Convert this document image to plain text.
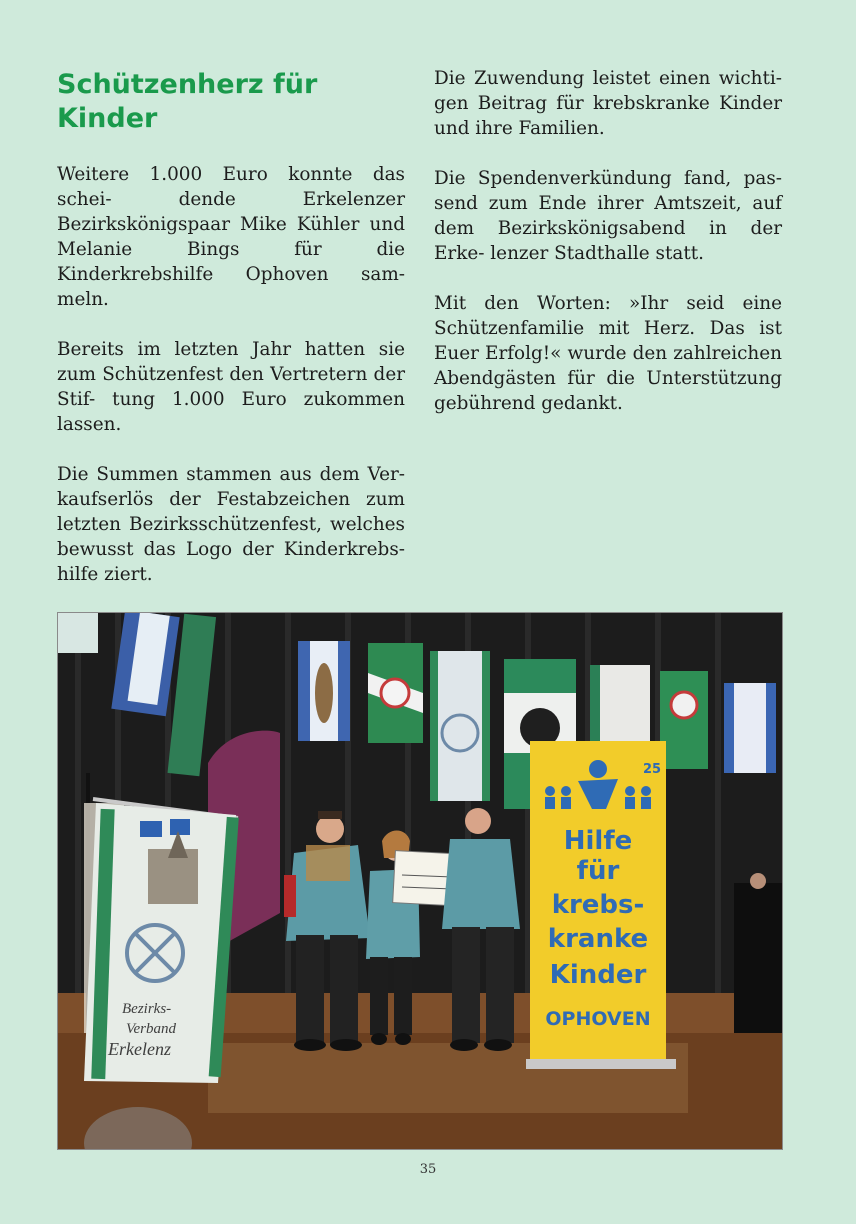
Schützenherz für Kinder

Weitere 1.000 Euro konnte das schei- dende Erkelenzer Bezirkskönigspaar Mike Kühler und Melanie Bings für die Kinderkrebshilfe Ophoven sam- meln.

Bereits im letzten Jahr hatten sie zum Schützenfest den Vertretern der Stif- tung 1.000 Euro zukommen lassen.

Die Summen stammen aus dem Ver- kaufserlös der Festabzeichen zum letzten Bezirksschützenfest, welches bewusst das Logo der Kinderkrebs- hilfe ziert.

Die Zuwendung leistet einen wichti- gen Beitrag für krebskranke Kinder und ihre Familien.

Die Spendenverkündung fand, pas- send zum Ende ihrer Amtszeit, auf dem Bezirkskönigsabend in der Erke- lenzer Stadthalle statt.

Mit den Worten: »Ihr seid eine Schützenfamilie mit Herz. Das ist Euer Erfolg!« wurde den zahlreichen Abendgästen für die Unterstützung gebührend gedankt.

Bezirks-
Verband
Erkelenz
25
Hilfe
für
krebs-
kranke
Kinder
OPHOVEN
35
